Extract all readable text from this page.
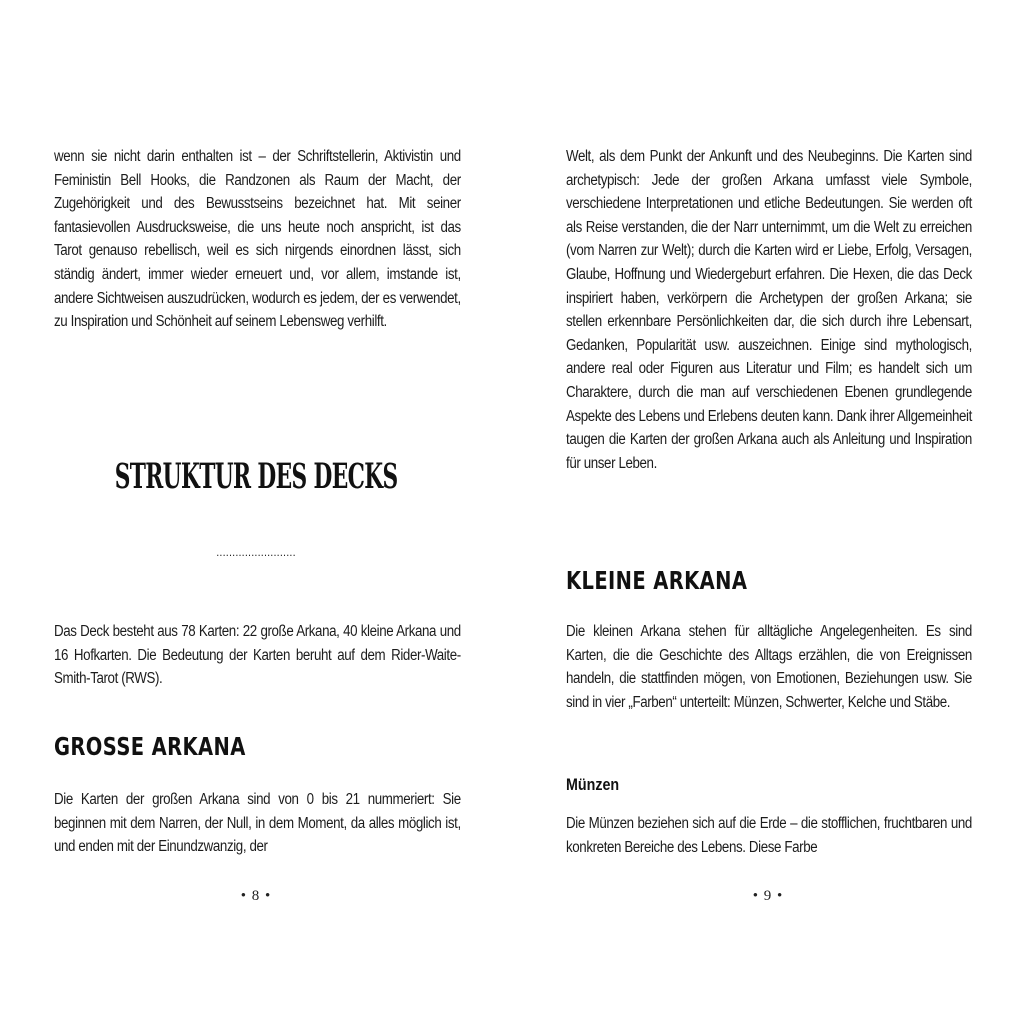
wenn sie nicht darin enthalten ist – der Schriftstellerin, Aktivistin und Feministin Bell Hooks, die Randzonen als Raum der Macht, der Zugehörigkeit und des Bewusstseins bezeichnet hat. Mit seiner fantasievollen Ausdrucksweise, die uns heute noch anspricht, ist das Tarot genauso rebellisch, weil es sich nirgends einordnen lässt, sich ständig ändert, immer wieder erneuert und, vor allem, imstande ist, andere Sichtweisen auszudrücken, wodurch es jedem, der es verwendet, zu Inspiration und Schönheit auf seinem Lebensweg verhilft.

STRUKTUR DES DECKS
.........................

Das Deck besteht aus 78 Karten: 22 große Arkana, 40 kleine Arkana und 16 Hofkarten. Die Bedeutung der Karten beruht auf dem Rider-Waite-Smith-Tarot (RWS).

GROSSE ARKANA

Die Karten der großen Arkana sind von 0 bis 21 nummeriert: Sie beginnen mit dem Narren, der Null, in dem Moment, da alles möglich ist, und enden mit der Einundzwanzig, der

• 8 •

Welt, als dem Punkt der Ankunft und des Neubeginns. Die Karten sind archetypisch: Jede der großen Arkana umfasst viele Symbole, verschiedene Interpretationen und etliche Bedeutungen. Sie werden oft als Reise verstanden, die der Narr unternimmt, um die Welt zu erreichen (vom Narren zur Welt); durch die Karten wird er Liebe, Erfolg, Versagen, Glaube, Hoffnung und Wiedergeburt erfahren. Die Hexen, die das Deck inspiriert haben, verkörpern die Archetypen der großen Arkana; sie stellen erkennbare Persönlichkeiten dar, die sich durch ihre Lebensart, Gedanken, Popularität usw. auszeichnen. Einige sind mythologisch, andere real oder Figuren aus Literatur und Film; es handelt sich um Charaktere, durch die man auf verschiedenen Ebenen grundlegende Aspekte des Lebens und Erlebens deuten kann. Dank ihrer Allgemeinheit taugen die Karten der großen Arkana auch als Anleitung und Inspiration für unser Leben.

KLEINE ARKANA

Die kleinen Arkana stehen für alltägliche Angelegenheiten. Es sind Karten, die die Geschichte des Alltags erzählen, die von Ereignissen handeln, die stattfinden mögen, von Emotionen, Beziehungen usw. Sie sind in vier „Farben“ unterteilt: Münzen, Schwerter, Kelche und Stäbe.

Münzen

Die Münzen beziehen sich auf die Erde – die stofflichen, fruchtbaren und konkreten Bereiche des Lebens. Diese Farbe

• 9 •
